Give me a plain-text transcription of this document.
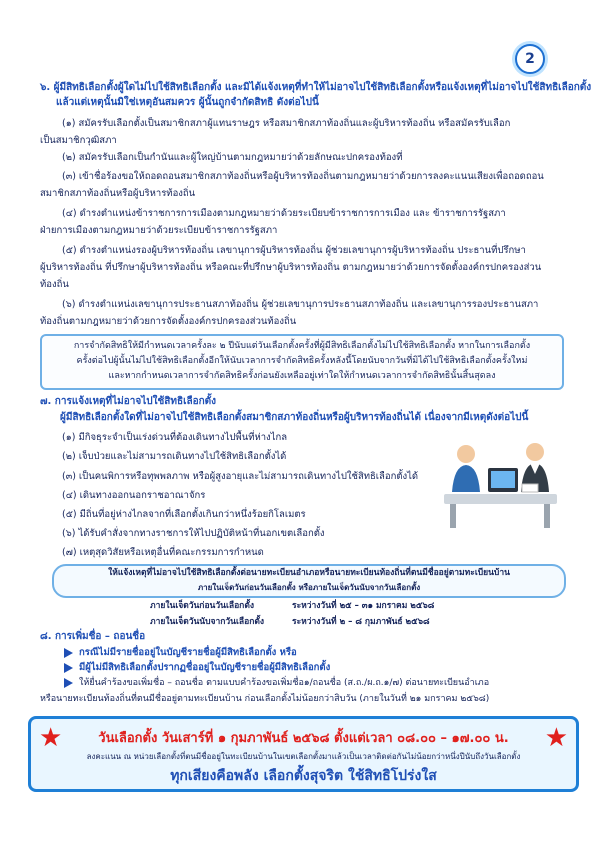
2
๖. ผู้มีสิทธิเลือกตั้งผู้ใดไม่ไปใช้สิทธิเลือกตั้ง และมิได้แจ้งเหตุที่ทำให้ไม่อาจไปใช้สิทธิเลือกตั้งหรือแจ้งเหตุที่ไม่อาจไปใช้สิทธิเลือกตั้ง
แล้วแต่เหตุนั้นมิใช่เหตุอันสมควร ผู้นั้นถูกจำกัดสิทธิ ดังต่อไปนี้
(๑) สมัครรับเลือกตั้งเป็นสมาชิกสภาผู้แทนราษฎร หรือสมาชิกสภาท้องถิ่นและผู้บริหารท้องถิ่น หรือสมัครรับเลือก
เป็นสมาชิกวุฒิสภา
(๒) สมัครรับเลือกเป็นกำนันและผู้ใหญ่บ้านตามกฎหมายว่าด้วยลักษณะปกครองท้องที่
(๓) เข้าชื่อร้องขอให้ถอดถอนสมาชิกสภาท้องถิ่นหรือผู้บริหารท้องถิ่นตามกฎหมายว่าด้วยการลงคะแนนเสียงเพื่อถอดถอน
สมาชิกสภาท้องถิ่นหรือผู้บริหารท้องถิ่น
(๔) ดำรงตำแหน่งข้าราชการการเมืองตามกฎหมายว่าด้วยระเบียบข้าราชการการเมือง และ ข้าราชการรัฐสภา
ฝ่ายการเมืองตามกฎหมายว่าด้วยระเบียบข้าราชการรัฐสภา
(๕) ดำรงตำแหน่งรองผู้บริหารท้องถิ่น เลขานุการผู้บริหารท้องถิ่น ผู้ช่วยเลขานุการผู้บริหารท้องถิ่น ประธานที่ปรึกษา
ผู้บริหารท้องถิ่น ที่ปรึกษาผู้บริหารท้องถิ่น หรือคณะที่ปรึกษาผู้บริหารท้องถิ่น ตามกฎหมายว่าด้วยการจัดตั้งองค์กรปกครองส่วน
ท้องถิ่น
(๖) ดำรงตำแหน่งเลขานุการประธานสภาท้องถิ่น ผู้ช่วยเลขานุการประธานสภาท้องถิ่น และเลขานุการรองประธานสภา
ท้องถิ่นตามกฎหมายว่าด้วยการจัดตั้งองค์กรปกครองส่วนท้องถิ่น
การจำกัดสิทธิให้มีกำหนดเวลาครั้งละ ๒ ปีนับแต่วันเลือกตั้งครั้งที่ผู้มีสิทธิเลือกตั้งไม่ไปใช้สิทธิเลือกตั้ง หากในการเลือกตั้ง
ครั้งต่อไปผู้นั้นไม่ไปใช้สิทธิเลือกตั้งอีกให้นับเวลาการจำกัดสิทธิครั้งหลังนี้โดยนับจากวันที่มิได้ไปใช้สิทธิเลือกตั้งครั้งใหม่
และหากกำหนดเวลาการจำกัดสิทธิครั้งก่อนยังเหลืออยู่เท่าใดให้กำหนดเวลาการจำกัดสิทธินั้นสิ้นสุดลง
๗. การแจ้งเหตุที่ไม่อาจไปใช้สิทธิเลือกตั้ง
ผู้มีสิทธิเลือกตั้งใดที่ไม่อาจไปใช้สิทธิเลือกตั้งสมาชิกสภาท้องถิ่นหรือผู้บริหารท้องถิ่นได้ เนื่องจากมีเหตุดังต่อไปนี้
(๑) มีกิจธุระจำเป็นเร่งด่วนที่ต้องเดินทางไปพื้นที่ห่างไกล
(๒) เจ็บป่วยและไม่สามารถเดินทางไปใช้สิทธิเลือกตั้งได้
(๓) เป็นคนพิการหรือทุพพลภาพ หรือผู้สูงอายุและไม่สามารถเดินทางไปใช้สิทธิเลือกตั้งได้
(๔) เดินทางออกนอกราชอาณาจักร
(๕) มีถิ่นที่อยู่ห่างไกลจากที่เลือกตั้งเกินกว่าหนึ่งร้อยกิโลเมตร
(๖) ได้รับคำสั่งจากทางราชการให้ไปปฏิบัติหน้าที่นอกเขตเลือกตั้ง
(๗) เหตุสุดวิสัยหรือเหตุอื่นที่คณะกรรมการกำหนด
ให้แจ้งเหตุที่ไม่อาจไปใช้สิทธิเลือกตั้งต่อนายทะเบียนอำเภอหรือนายทะเบียนท้องถิ่นที่ตนมีชื่ออยู่ตามทะเบียนบ้าน
ภายในเจ็ดวันก่อนวันเลือกตั้ง หรือภายในเจ็ดวันนับจากวันเลือกตั้ง
ภายในเจ็ดวันก่อนวันเลือกตั้ง	ระหว่างวันที่ ๒๕ – ๓๑ มกราคม ๒๕๖๘
ภายในเจ็ดวันนับจากวันเลือกตั้ง	ระหว่างวันที่ ๒ – ๘ กุมภาพันธ์ ๒๕๖๘
๘. การเพิ่มชื่อ – ถอนชื่อ
กรณีไม่มีรายชื่ออยู่ในบัญชีรายชื่อผู้มีสิทธิเลือกตั้ง หรือ
★	★
วันเลือกตั้ง วันเสาร์ที่ ๑ กุมภาพันธ์ ๒๕๖๘ ตั้งแต่เวลา ๐๘.๐๐ – ๑๗.๐๐ น.
ลงคะแนน ณ หน่วยเลือกตั้งที่ตนมีชื่ออยู่ในทะเบียนบ้านในเขตเลือกตั้งมาแล้วเป็นเวลาติดต่อกันไม่น้อยกว่าหนึ่งปีนับถึงวันเลือกตั้ง
ทุกเสียงคือพลัง เลือกตั้งสุจริต ใช้สิทธิโปร่งใส
มีผู้ไม่มีสิทธิเลือกตั้งปรากฏชื่ออยู่ในบัญชีรายชื่อผู้มีสิทธิเลือกตั้ง
ให้ยื่นคำร้องขอเพิ่มชื่อ – ถอนชื่อ ตามแบบคำร้องขอเพิ่มชื่อ๑/ถอนชื่อ (ส.ถ./ผ.ถ.๑/๗) ต่อนายทะเบียนอำเภอ
หรือนายทะเบียนท้องถิ่นที่ตนมีชื่ออยู่ตามทะเบียนบ้าน ก่อนเลือกตั้งไม่น้อยกว่าสิบวัน (ภายในวันที่ ๒๑ มกราคม ๒๕๖๘)
